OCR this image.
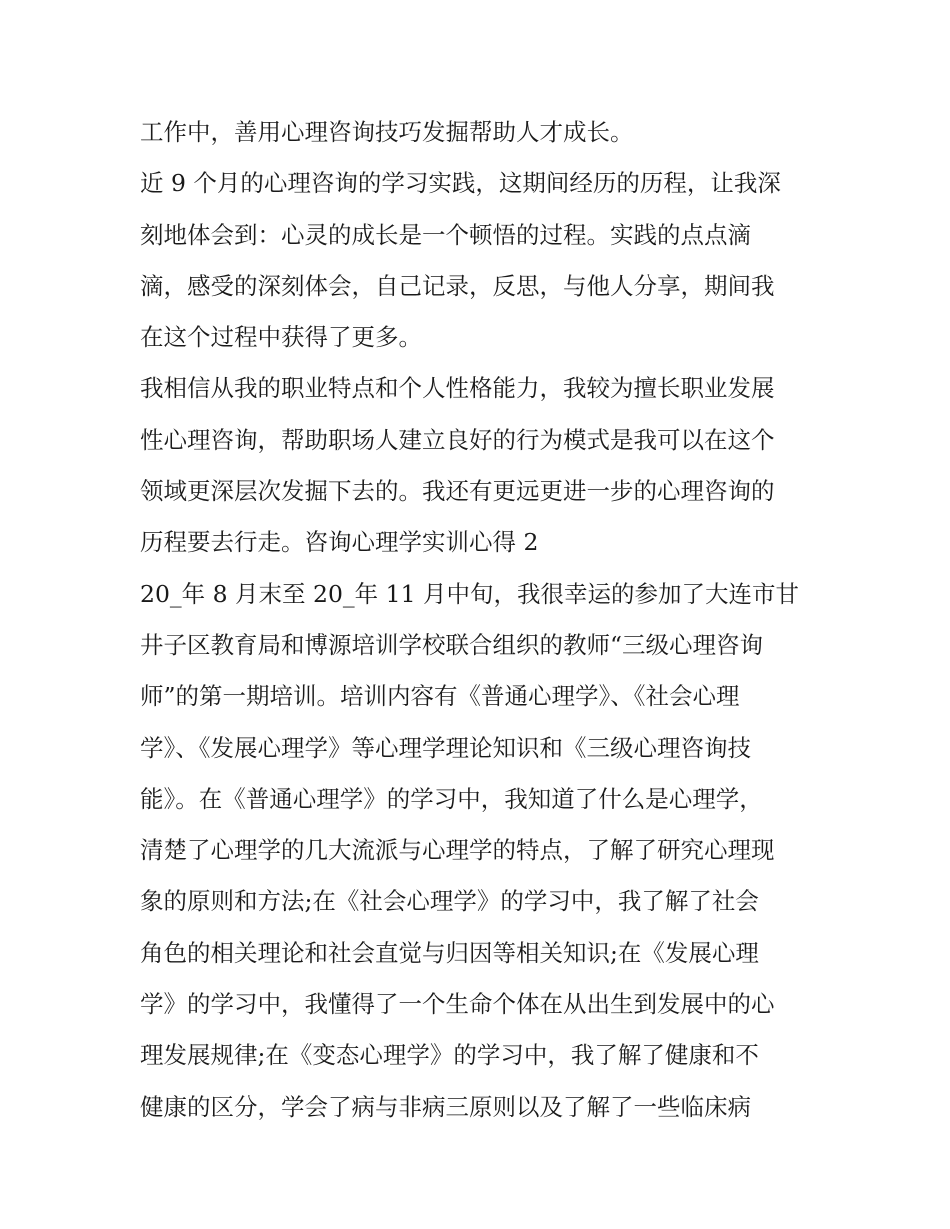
工作中，善用心理咨询技巧发掘帮助人才成长。
近 9 个月的心理咨询的学习实践，这期间经历的历程，让我深
刻地体会到：心灵的成长是一个顿悟的过程。实践的点点滴
滴，感受的深刻体会，自己记录，反思，与他人分享，期间我
在这个过程中获得了更多。
我相信从我的职业特点和个人性格能力，我较为擅长职业发展
性心理咨询，帮助职场人建立良好的行为模式是我可以在这个
领域更深层次发掘下去的。我还有更远更进一步的心理咨询的
历程要去行走。咨询心理学实训心得 2
20_年 8 月末至 20_年 11 月中旬，我很幸运的参加了大连市甘
井子区教育局和博源培训学校联合组织的教师“三级心理咨询
师”的第一期培训。培训内容有《普通心理学》、《社会心理
学》、《发展心理学》等心理学理论知识和《三级心理咨询技
能》。在《普通心理学》的学习中，我知道了什么是心理学，
清楚了心理学的几大流派与心理学的特点，了解了研究心理现
象的原则和方法;在《社会心理学》的学习中，我了解了社会
角色的相关理论和社会直觉与归因等相关知识;在《发展心理
学》的学习中，我懂得了一个生命个体在从出生到发展中的心
理发展规律;在《变态心理学》的学习中，我了解了健康和不
健康的区分，学会了病与非病三原则以及了解了一些临床病
